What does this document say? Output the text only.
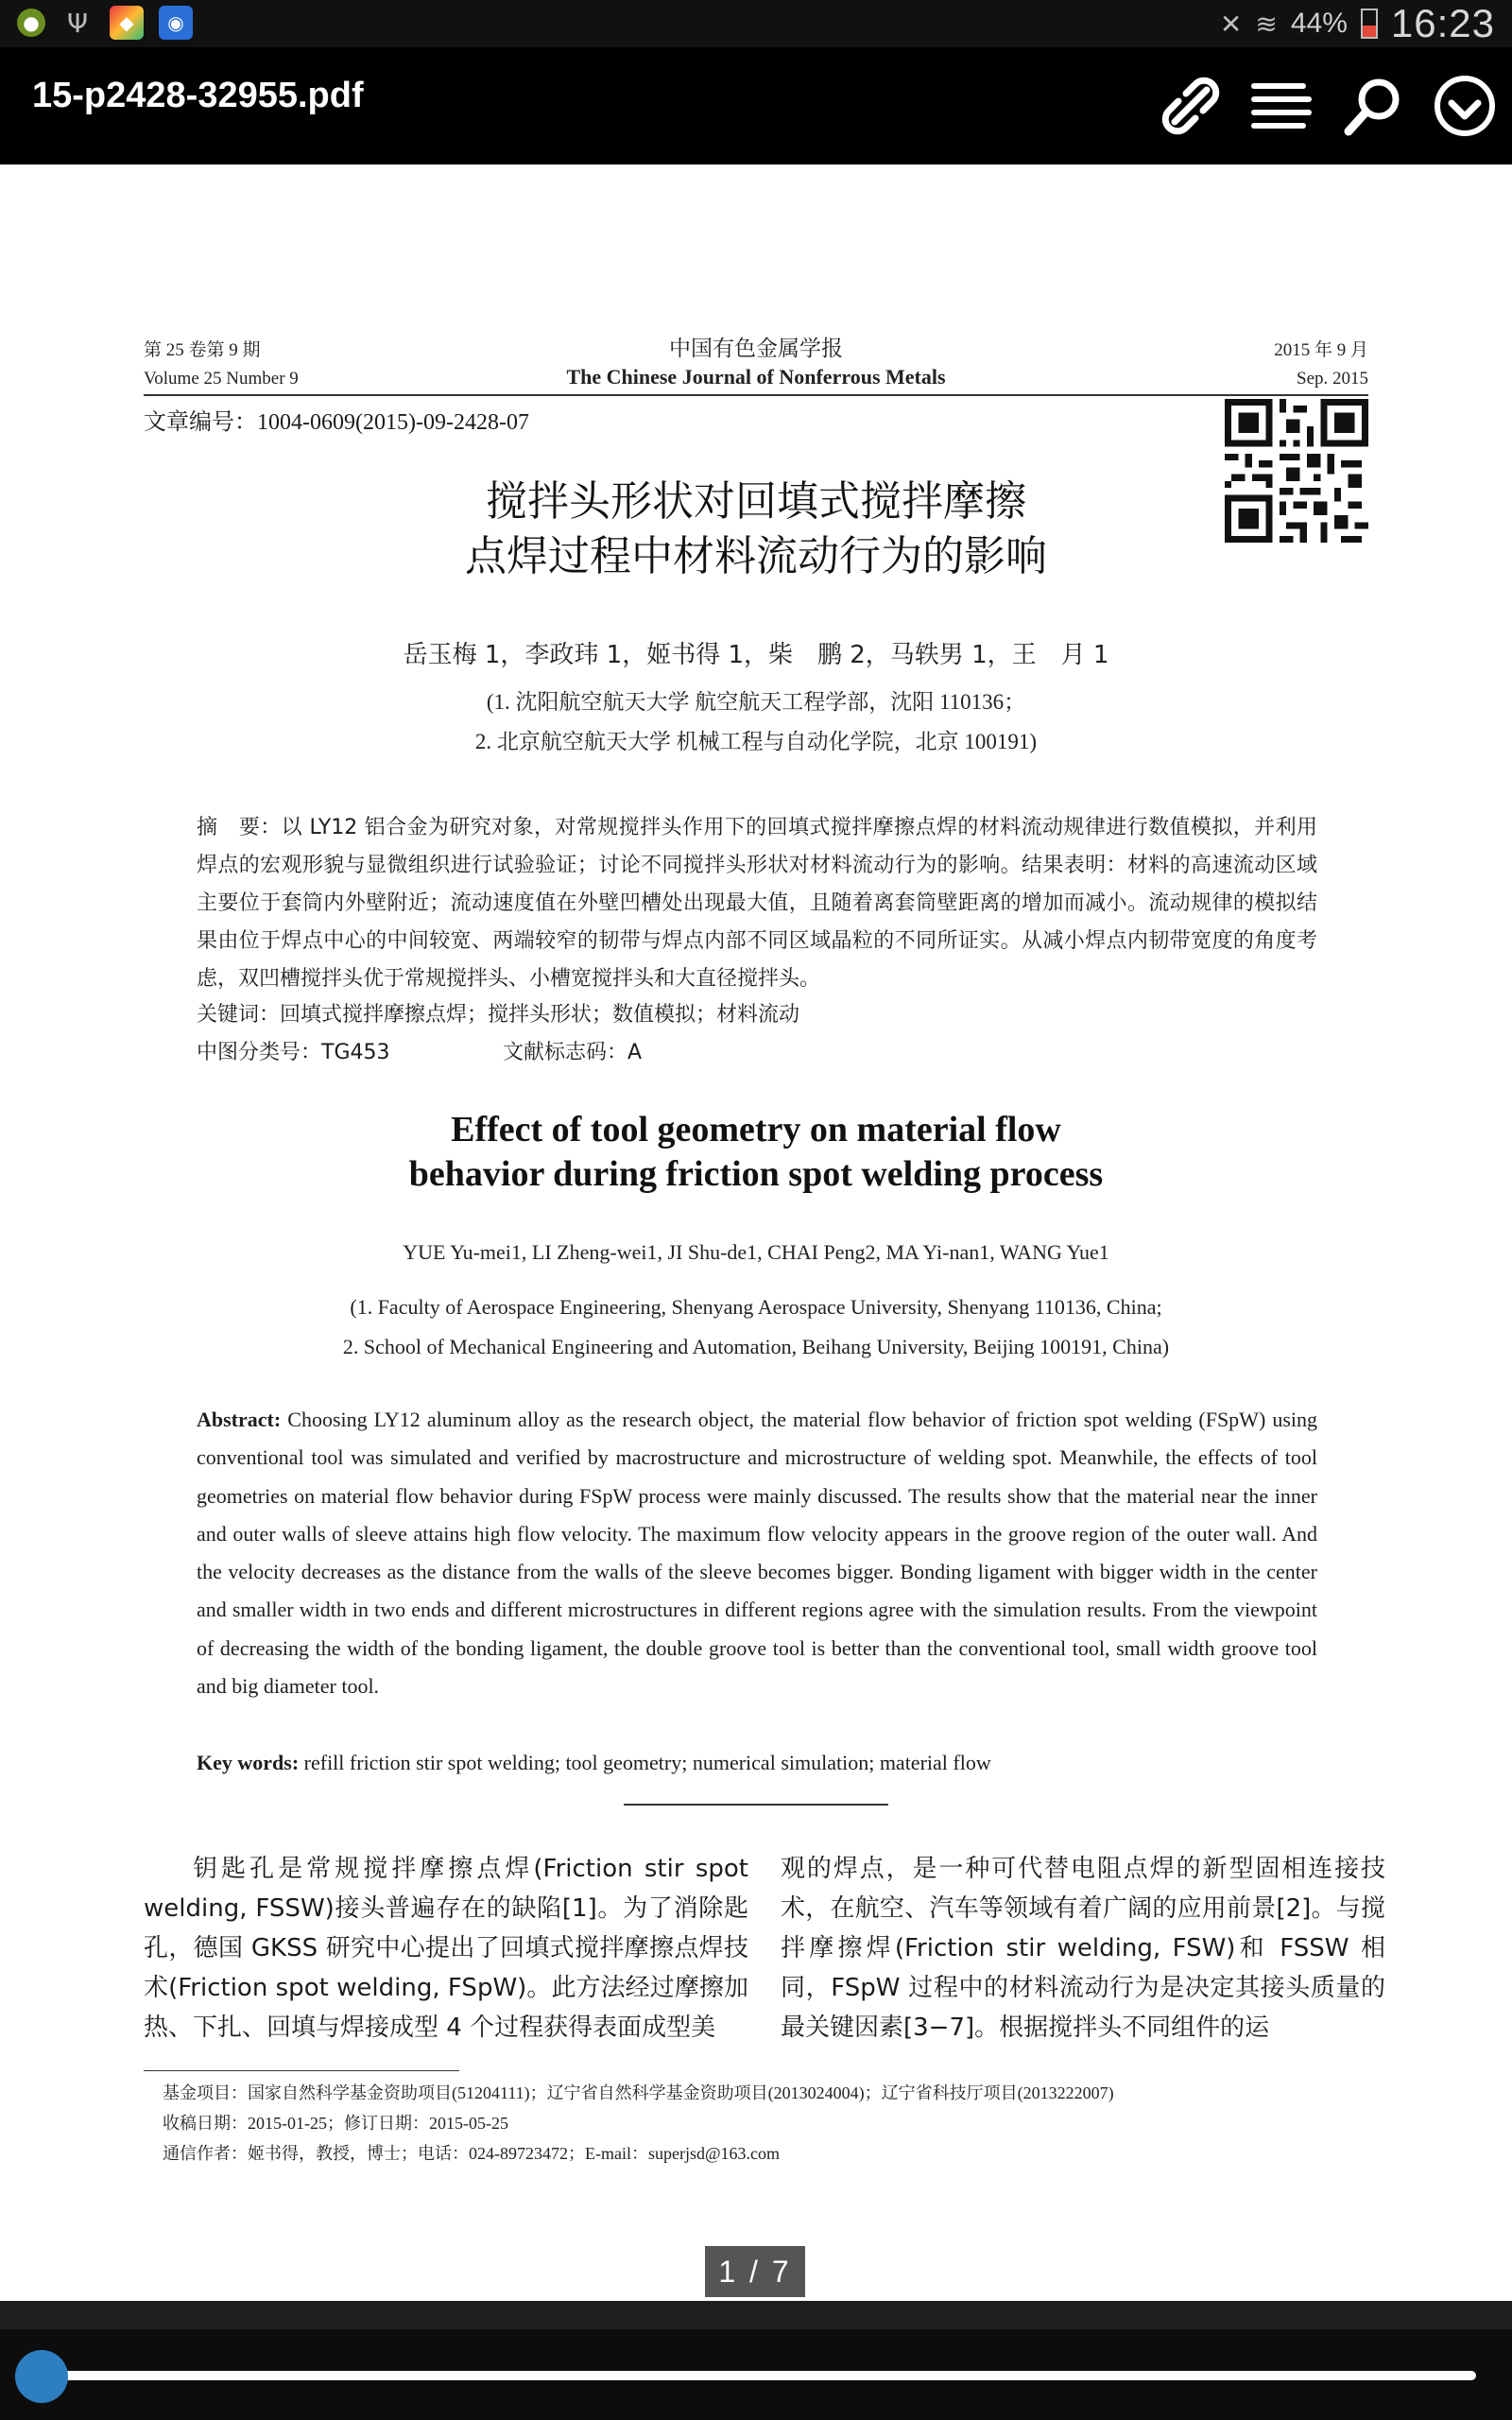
● Ψ	◆	◉	✕ ≋ 44% 16:23
15-p2428-32955.pdf
第 25 卷第 9 期
Volume 25 Number 9
中国有色金属学报
The Chinese Journal of Nonferrous Metals
2015 年 9 月
Sep. 2015
文章编号：1004-0609(2015)-09-2428-07
搅拌头形状对回填式搅拌摩擦
点焊过程中材料流动行为的影响
岳玉梅 1，李政玮 1，姬书得 1，柴　鹏 2，马轶男 1，王　月 1
(1. 沈阳航空航天大学 航空航天工程学部，沈阳 110136；
2. 北京航空航天大学 机械工程与自动化学院，北京 100191)
摘　要：以 LY12 铝合金为研究对象，对常规搅拌头作用下的回填式搅拌摩擦点焊的材料流动规律进行数值模拟，并利用焊点的宏观形貌与显微组织进行试验验证；讨论不同搅拌头形状对材料流动行为的影响。结果表明：材料的高速流动区域主要位于套筒内外壁附近；流动速度值在外壁凹槽处出现最大值，且随着离套筒壁距离的增加而减小。流动规律的模拟结果由位于焊点中心的中间较宽、两端较窄的韧带与焊点内部不同区域晶粒的不同所证实。从减小焊点内韧带宽度的角度考虑，双凹槽搅拌头优于常规搅拌头、小槽宽搅拌头和大直径搅拌头。
关键词：回填式搅拌摩擦点焊；搅拌头形状；数值模拟；材料流动
中图分类号：TG453	文献标志码：A
Effect of tool geometry on material flow
behavior during friction spot welding process
YUE Yu-mei1, LI Zheng-wei1, JI Shu-de1, CHAI Peng2, MA Yi-nan1, WANG Yue1
(1. Faculty of Aerospace Engineering, Shenyang Aerospace University, Shenyang 110136, China;
2. School of Mechanical Engineering and Automation, Beihang University, Beijing 100191, China)
Abstract: Choosing LY12 aluminum alloy as the research object, the material flow behavior of friction spot welding (FSpW) using conventional tool was simulated and verified by macrostructure and microstructure of welding spot. Meanwhile, the effects of tool geometries on material flow behavior during FSpW process were mainly discussed. The results show that the material near the inner and outer walls of sleeve attains high flow velocity. The maximum flow velocity appears in the groove region of the outer wall. And the velocity decreases as the distance from the walls of the sleeve becomes bigger. Bonding ligament with bigger width in the center and smaller width in two ends and different microstructures in different regions agree with the simulation results. From the viewpoint of decreasing the width of the bonding ligament, the double groove tool is better than the conventional tool, small width groove tool and big diameter tool.
Key words: refill friction stir spot welding; tool geometry; numerical simulation; material flow
钥匙孔是常规搅拌摩擦点焊(Friction stir spot welding, FSSW)接头普遍存在的缺陷[1]。为了消除匙孔，德国 GKSS 研究中心提出了回填式搅拌摩擦点焊技术(Friction spot welding, FSpW)。此方法经过摩擦加热、下扎、回填与焊接成型 4 个过程获得表面成型美
观的焊点，是一种可代替电阻点焊的新型固相连接技术，在航空、汽车等领域有着广阔的应用前景[2]。与搅拌摩擦焊(Friction stir welding, FSW)和 FSSW 相同，FSpW 过程中的材料流动行为是决定其接头质量的最关键因素[3−7]。根据搅拌头不同组件的运
基金项目：国家自然科学基金资助项目(51204111)；辽宁省自然科学基金资助项目(2013024004)；辽宁省科技厅项目(2013222007)
收稿日期：2015-01-25；修订日期：2015-05-25
通信作者：姬书得，教授，博士；电话：024-89723472；E-mail：superjsd@163.com
1 / 7
